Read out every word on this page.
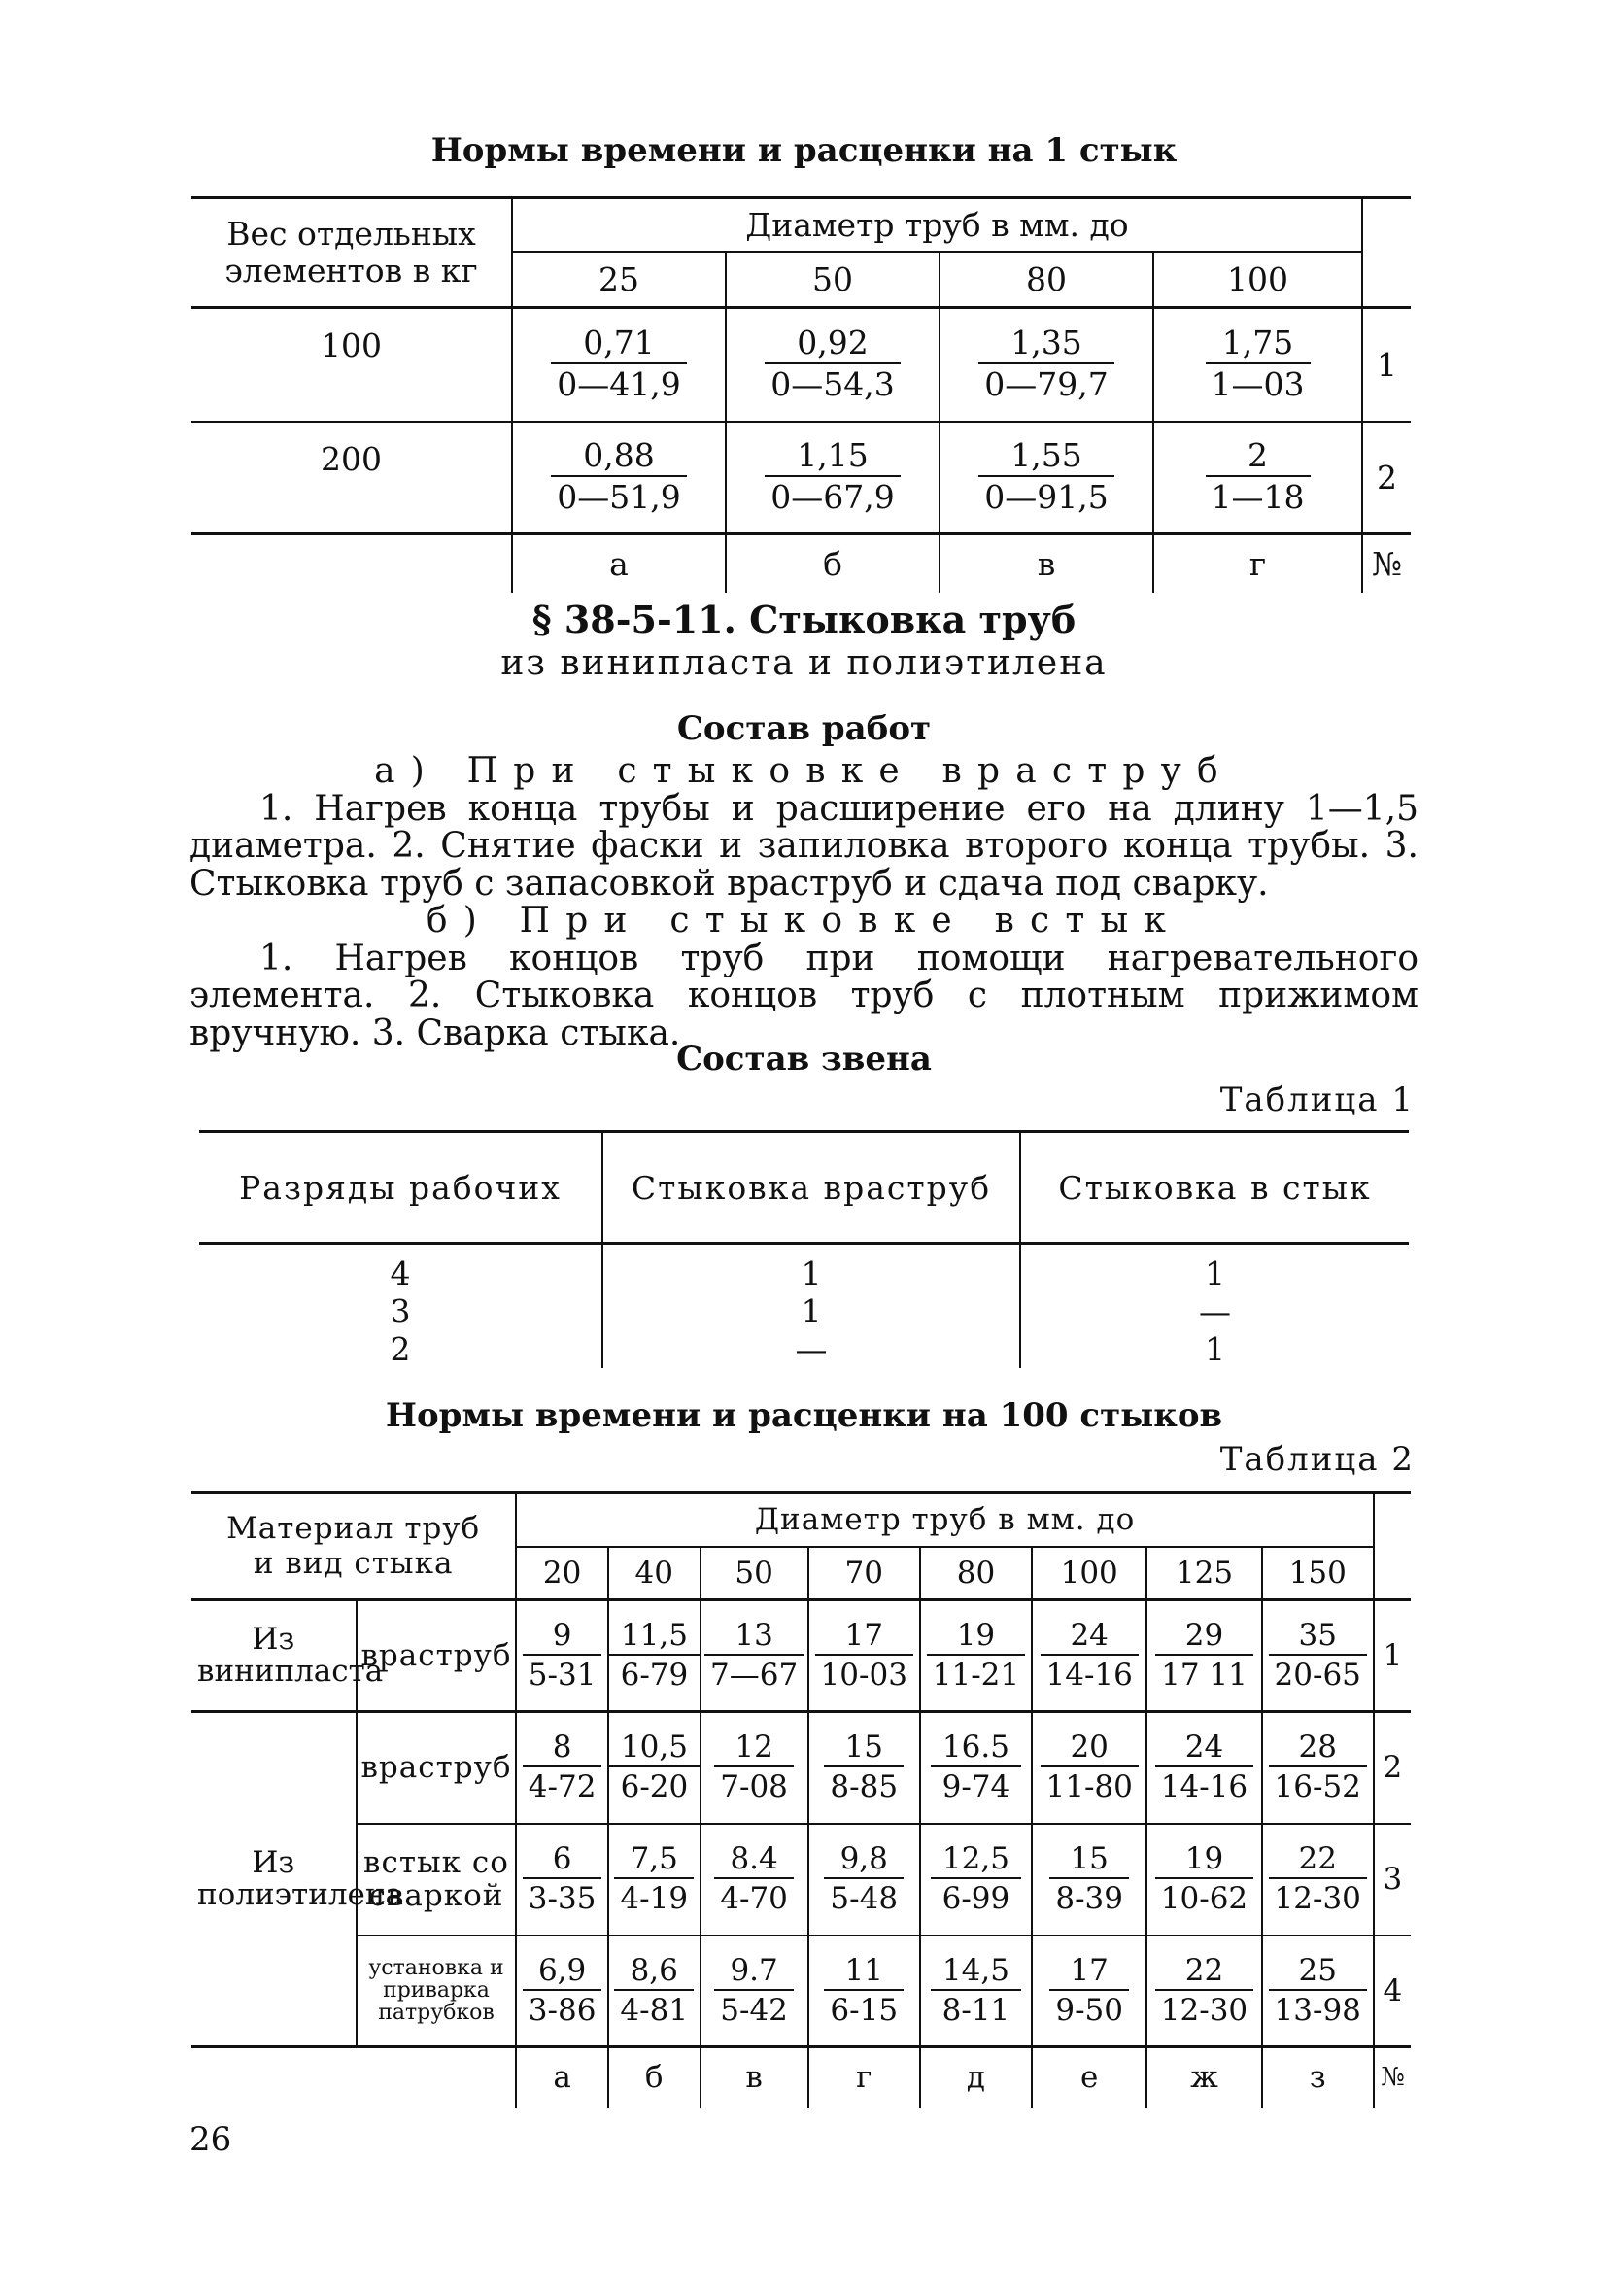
Нормы времени и расценки на 1 стык
Вес отдельных элементов в кг	Диаметр труб в мм. до				
	25	50	80	100	
100	$\frac{0,71}{0—41,9}$	$\frac{0,92}{0—54,3}$	$\frac{1,35}{0—79,7}$	$\frac{1,75}{1—03}$	1
200	$\frac{0,88}{0—51,9}$	$\frac{1,15}{0—67,9}$	$\frac{1,55}{0—91,5}$	$\frac{2}{1—18}$	2
	а	б	в	г	№
§ 38-5-11. Стыковка труб
из винипласта и полиэтилена
Состав работ
а) При стыковке враструб

1. Нагрев конца трубы и расширение его на длину 1—1,5 диаметра. 2. Снятие фаски и запиловка второго конца трубы. 3. Стыковка труб с запасовкой враструб и сдача под сварку.

б) При стыковке встык

1. Нагрев концов труб при помощи нагревательного элемента. 2. Стыковка концов труб с плотным прижимом вручную. 3. Сварка стыка.

Состав звена
Таблица 1
Разряды рабочих	Стыковка враструб	Стыковка в стык
4	1	1
3	1	—
2	—	1
Нормы времени и расценки на 100 стыков
Таблица 2
Материал труб и вид стыка		Диаметр труб в мм. до								
		20	40	50	70	80	100	125	150	
Из винипласта	враструб	$\frac{9}{5-31}$	$\frac{11,5}{6-79}$	$\frac{13}{7—67}$	$\frac{17}{10-03}$	$\frac{19}{11-21}$	$\frac{24}{14-16}$	$\frac{29}{17 11}$	$\frac{35}{20-65}$	1
Из полиэтилена	враструб	$\frac{8}{4-72}$	$\frac{10,5}{6-20}$	$\frac{12}{7-08}$	$\frac{15}{8-85}$	$\frac{16.5}{9-74}$	$\frac{20}{11-80}$	$\frac{24}{14-16}$	$\frac{28}{16-52}$	2
	встык со сваркой	$\frac{6}{3-35}$	$\frac{7,5}{4-19}$	$\frac{8.4}{4-70}$	$\frac{9,8}{5-48}$	$\frac{12,5}{6-99}$	$\frac{15}{8-39}$	$\frac{19}{10-62}$	$\frac{22}{12-30}$	3
	установка и приварка патрубков	$\frac{6,9}{3-86}$	$\frac{8,6}{4-81}$	$\frac{9.7}{5-42}$	$\frac{11}{6-15}$	$\frac{14,5}{8-11}$	$\frac{17}{9-50}$	$\frac{22}{12-30}$	$\frac{25}{13-98}$	4
		а	б	в	г	д	е	ж	з	№
26
